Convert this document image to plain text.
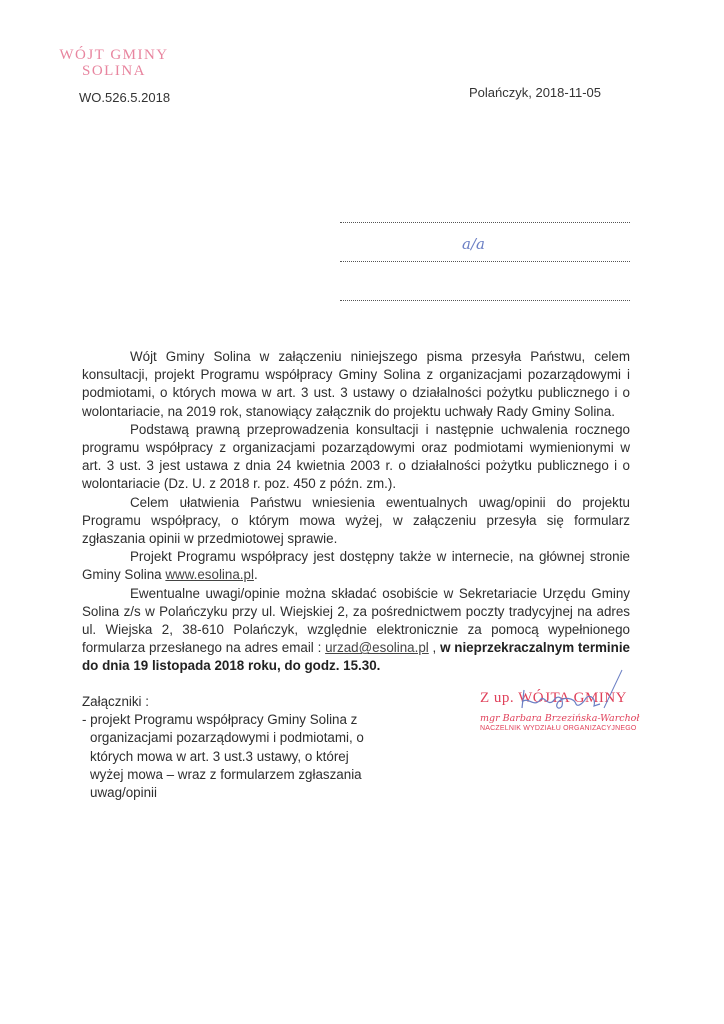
WÓJT GMINY
SOLINA
WO.526.5.2018	Polańczyk, 2018-11-05
a/a

Wójt Gminy Solina w załączeniu niniejszego pisma przesyła Państwu, celem konsultacji, projekt Programu współpracy Gminy Solina z organizacjami pozarządowymi i podmiotami, o których mowa w art. 3 ust. 3 ustawy o działalności pożytku publicznego i o wolontariacie, na 2019 rok, stanowiący załącznik do projektu uchwały Rady Gminy Solina.

Podstawą prawną przeprowadzenia konsultacji i następnie uchwalenia rocznego programu współpracy z organizacjami pozarządowymi oraz podmiotami wymienionymi w art. 3 ust. 3 jest ustawa z dnia 24 kwietnia 2003 r. o działalności pożytku publicznego i o wolontariacie (Dz. U. z 2018 r. poz. 450 z późn. zm.).

Celem ułatwienia Państwu wniesienia ewentualnych uwag/opinii do projektu Programu współpracy, o którym mowa wyżej, w załączeniu przesyła się formularz zgłaszania opinii w przedmiotowej sprawie.

Projekt Programu współpracy jest dostępny także w internecie, na głównej stronie Gminy Solina www.esolina.pl.

Ewentualne uwagi/opinie można składać osobiście w Sekretariacie Urzędu Gminy Solina z/s w Polańczyku przy ul. Wiejskiej 2, za pośrednictwem poczty tradycyjnej na adres ul. Wiejska 2, 38-610 Polańczyk, względnie elektronicznie za pomocą wypełnionego formularza przesłanego na adres email : urzad@esolina.pl , w nieprzekraczalnym terminie do dnia 19 listopada 2018 roku, do godz. 15.30.

Załączniki :
- projekt Programu współpracy Gminy Solina z organizacjami pozarządowymi i podmiotami, o których mowa w art. 3 ust.3 ustawy, o której wyżej mowa – wraz z formularzem zgłaszania uwag/opinii
Z up. WÓJTA GMINY
mgr Barbara Brzezińska-Warchoł
NACZELNIK WYDZIAŁU ORGANIZACYJNEGO
